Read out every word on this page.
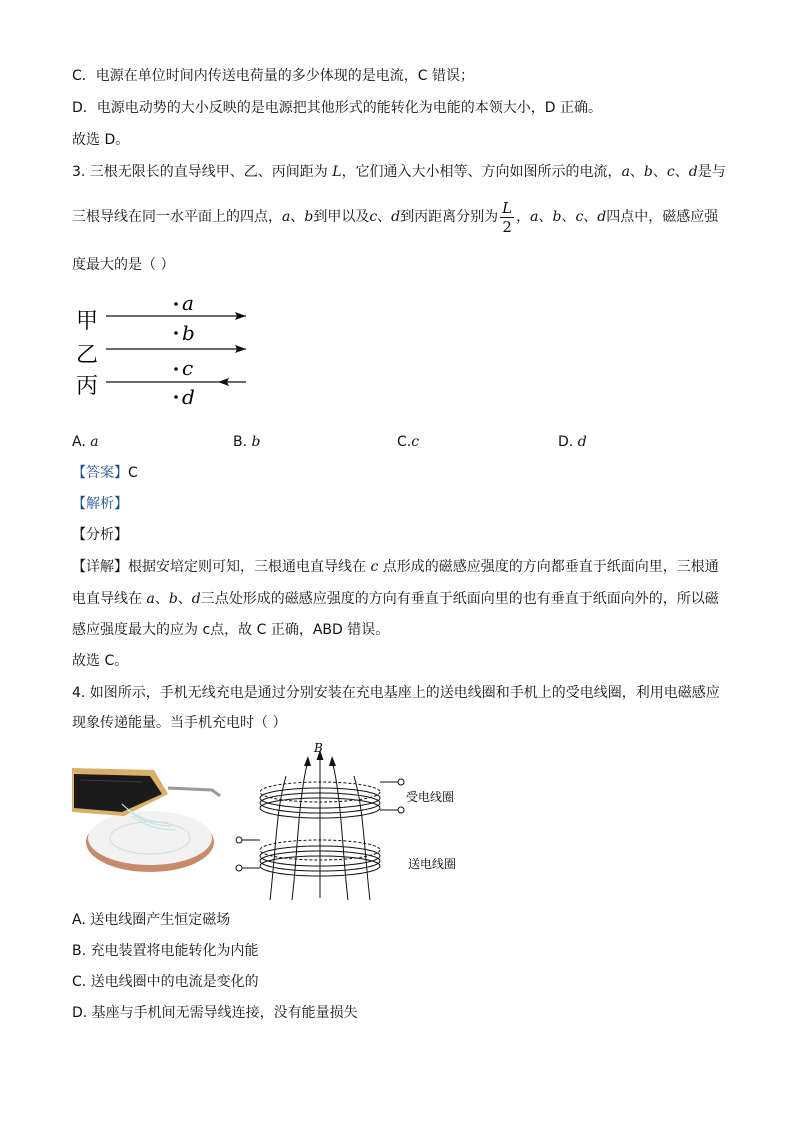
C．电源在单位时间内传送电荷量的多少体现的是电流，C 错误；
D．电源电动势的大小反映的是电源把其他形式的能转化为电能的本领大小，D 正确。
故选 D。
3. 三根无限长的直导线甲、乙、丙间距为 L，它们通入大小相等、方向如图所示的电流，a、b、c、d是与
三根导线在同一水平面上的四点，a、b到甲以及c、d到丙距离分别为 $\frac{L}{2}$ ，a、b、c、d四点中，磁感应强
度最大的是（ ）
甲
乙
丙
a
b
c
d
A. a	B. b	C.c	D. d
【答案】C
【解析】
【分析】
【详解】根据安培定则可知，三根通电直导线在 c 点形成的磁感应强度的方向都垂直于纸面向里，三根通
电直导线在 a、b、d三点处形成的磁感应强度的方向有垂直于纸面向里的也有垂直于纸面向外的，所以磁
感应强度最大的应为 c点，故 C 正确，ABD 错误。
故选 C。
4. 如图所示，手机无线充电是通过分别安装在充电基座上的送电线圈和手机上的受电线圈，利用电磁感应
现象传递能量。当手机充电时（ ）
B
受电线圈
送电线圈
A. 送电线圈产生恒定磁场
B. 充电装置将电能转化为内能
C. 送电线圈中的电流是变化的
D. 基座与手机间无需导线连接，没有能量损失
